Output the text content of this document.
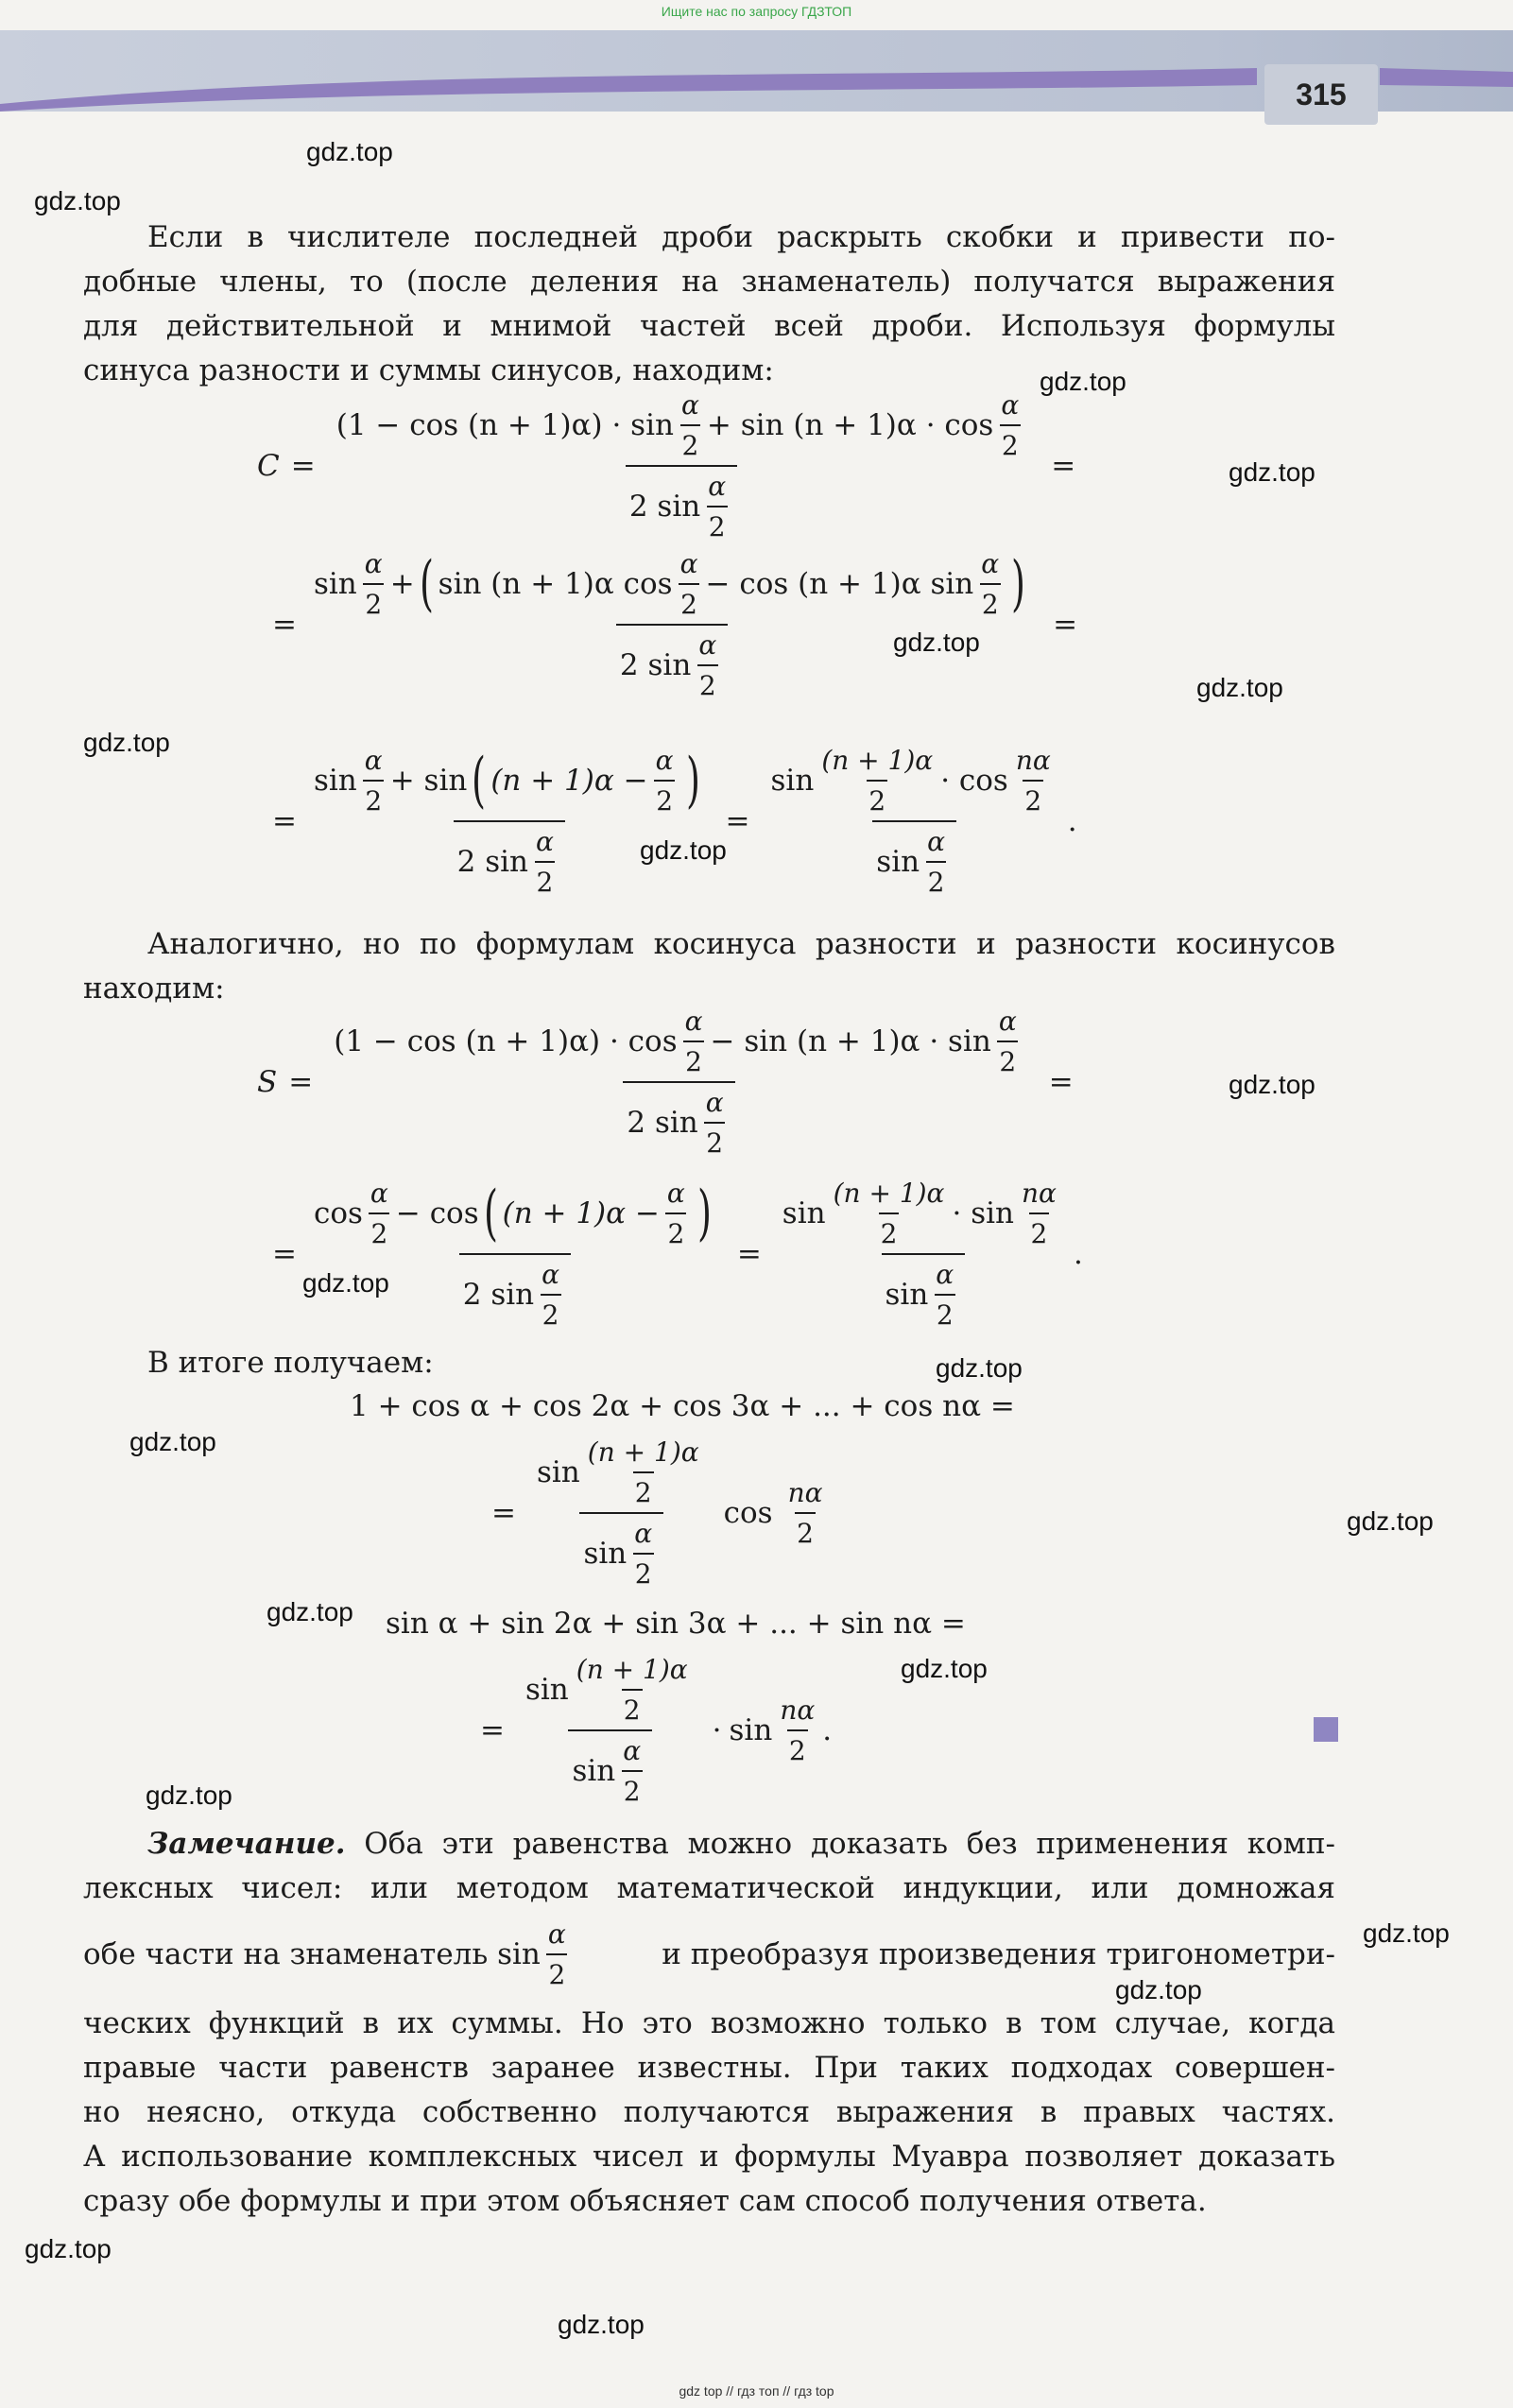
Ищите нас по запросу ГДЗТОП
315
Если в числителе последней дроби раскрыть скобки и привести по-
добные члены, то (после деления на знаменатель) получатся выражения
для действительной и мнимой частей всей дроби. Используя формулы
синуса разности и суммы синусов, находим:
C =
$(1 - \cos (n + 1)\alpha) \cdot \sin \frac{\alpha}{2} + \sin (n + 1)\alpha \cdot \cos \frac{\alpha}{2}$
2
$\sin \frac{\alpha}{2}$
=
=
$\sin \frac{\alpha}{2}$ + ( sin (n + 1)α $\cos \frac{\alpha}{2} - \cos (n + 1)\alpha$ $\sin \frac{\alpha}{2}$ )
2
$\sin \frac{\alpha}{2}$
=
=
$\sin \frac{\alpha}{2}$ +
sin ( $(n + 1)\alpha - \frac{\alpha}{2}$ )
2
$\sin \frac{\alpha}{2}$
= $\sin \frac{(n + 1)\alpha}{2}$ ·
$\cos \frac{n\alpha}{2}$
$\sin \frac{\alpha}{2}$ .
Аналогично, но по формулам косинуса разности и разности косинусов
находим:
S =
$(1 - \cos (n + 1)\alpha) \cdot \cos \frac{\alpha}{2} - \sin (n + 1)\alpha \cdot \sin \frac{\alpha}{2}$
2
$\sin \frac{\alpha}{2}$
=
=
$\cos \frac{\alpha}{2}$ −
cos ( $(n + 1)\alpha - \frac{\alpha}{2}$ )
2
$\sin \frac{\alpha}{2}$
= $\sin \frac{(n + 1)\alpha}{2}$ ·
$\sin \frac{n\alpha}{2}$
$\sin \frac{\alpha}{2}$ .
В итоге получаем:
1 + cos α + cos 2α + cos 3α + ... + cos nα =
= $\frac{\sin \frac{(n + 1)\alpha}{2}}{\sin \frac{\alpha}{2}}$ $\cos \frac{n\alpha}{2}$
sin α + sin 2α + sin 3α + ... + sin nα =
= $\frac{\sin \frac{(n + 1)\alpha}{2}}{\sin \frac{\alpha}{2}} \cdot \sin \frac{n\alpha}{2}$ .
Замечание. Оба эти равенства можно доказать без применения комп-
лексных чисел: или методом математической индукции, или домножая
обе части на знаменатель $\sin \frac{\alpha}{2}$	и преобразуя произведения тригонометри-
ческих функций в их суммы. Но это возможно только в том случае, когда
правые части равенств заранее известны. При таких подходах совершен-
но неясно, откуда собственно получаются выражения в правых частях.
А использование комплексных чисел и формулы Муавра позволяет доказать
сразу обе формулы и при этом объясняет сам способ получения ответа.
gdz.top
gdz.top
gdz.top
gdz.top
gdz.top
gdz.top
gdz.top
gdz.top
gdz.top
gdz.top
gdz.top
gdz.top
gdz.top
gdz.top
gdz.top
gdz.top
gdz.top
gdz.top
gdz.top
gdz.top
gdz top // гдз топ // гдз top
